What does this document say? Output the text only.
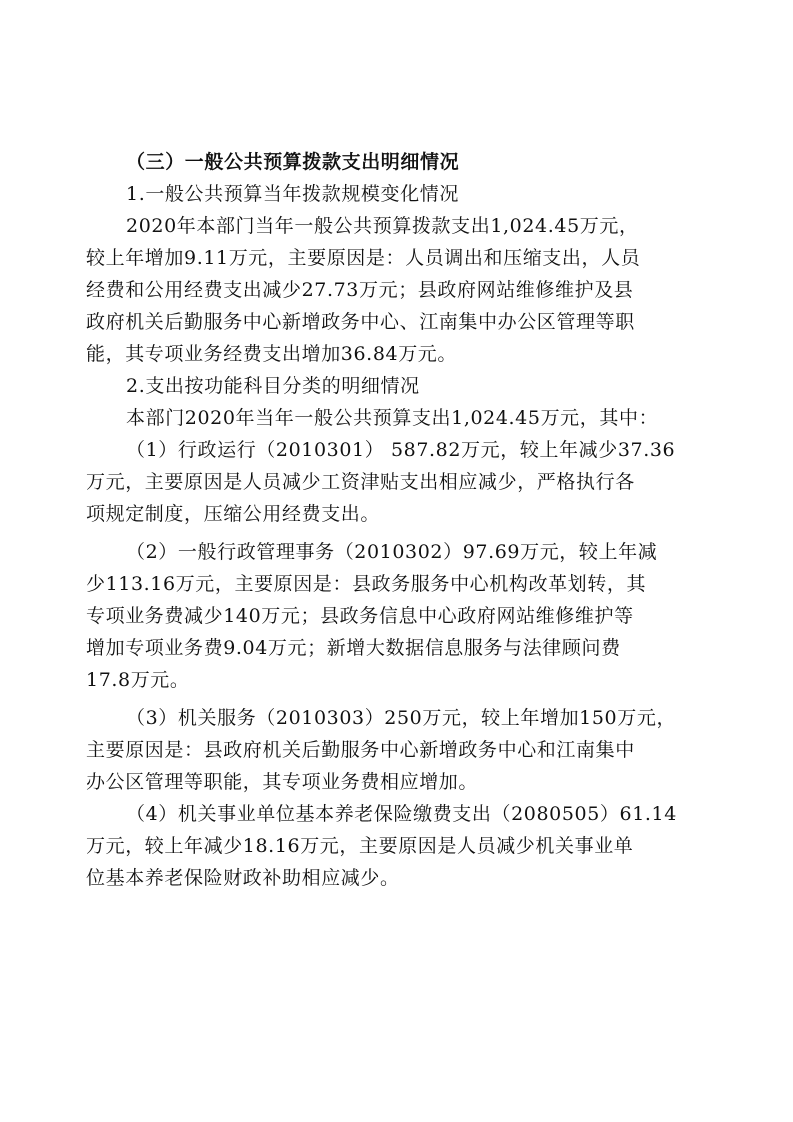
（三）一般公共预算拨款支出明细情况
1.一般公共预算当年拨款规模变化情况
2020年本部门当年一般公共预算拨款支出1,024.45万元，
较上年增加9.11万元，主要原因是：人员调出和压缩支出，人员
经费和公用经费支出减少27.73万元；县政府网站维修维护及县
政府机关后勤服务中心新增政务中心、江南集中办公区管理等职
能，其专项业务经费支出增加36.84万元。
2.支出按功能科目分类的明细情况
本部门2020年当年一般公共预算支出1,024.45万元，其中：
（1）行政运行（2010301） 587.82万元，较上年减少37.36
万元，主要原因是人员减少工资津贴支出相应减少，严格执行各
项规定制度，压缩公用经费支出。
（2）一般行政管理事务（2010302）97.69万元，较上年减
少113.16万元，主要原因是：县政务服务中心机构改革划转，其
专项业务费减少140万元；县政务信息中心政府网站维修维护等
增加专项业务费9.04万元；新增大数据信息服务与法律顾问费
17.8万元。
（3）机关服务（2010303）250万元，较上年增加150万元，
主要原因是：县政府机关后勤服务中心新增政务中心和江南集中
办公区管理等职能，其专项业务费相应增加。
（4）机关事业单位基本养老保险缴费支出（2080505）61.14
万元，较上年减少18.16万元，主要原因是人员减少机关事业单
位基本养老保险财政补助相应减少。
